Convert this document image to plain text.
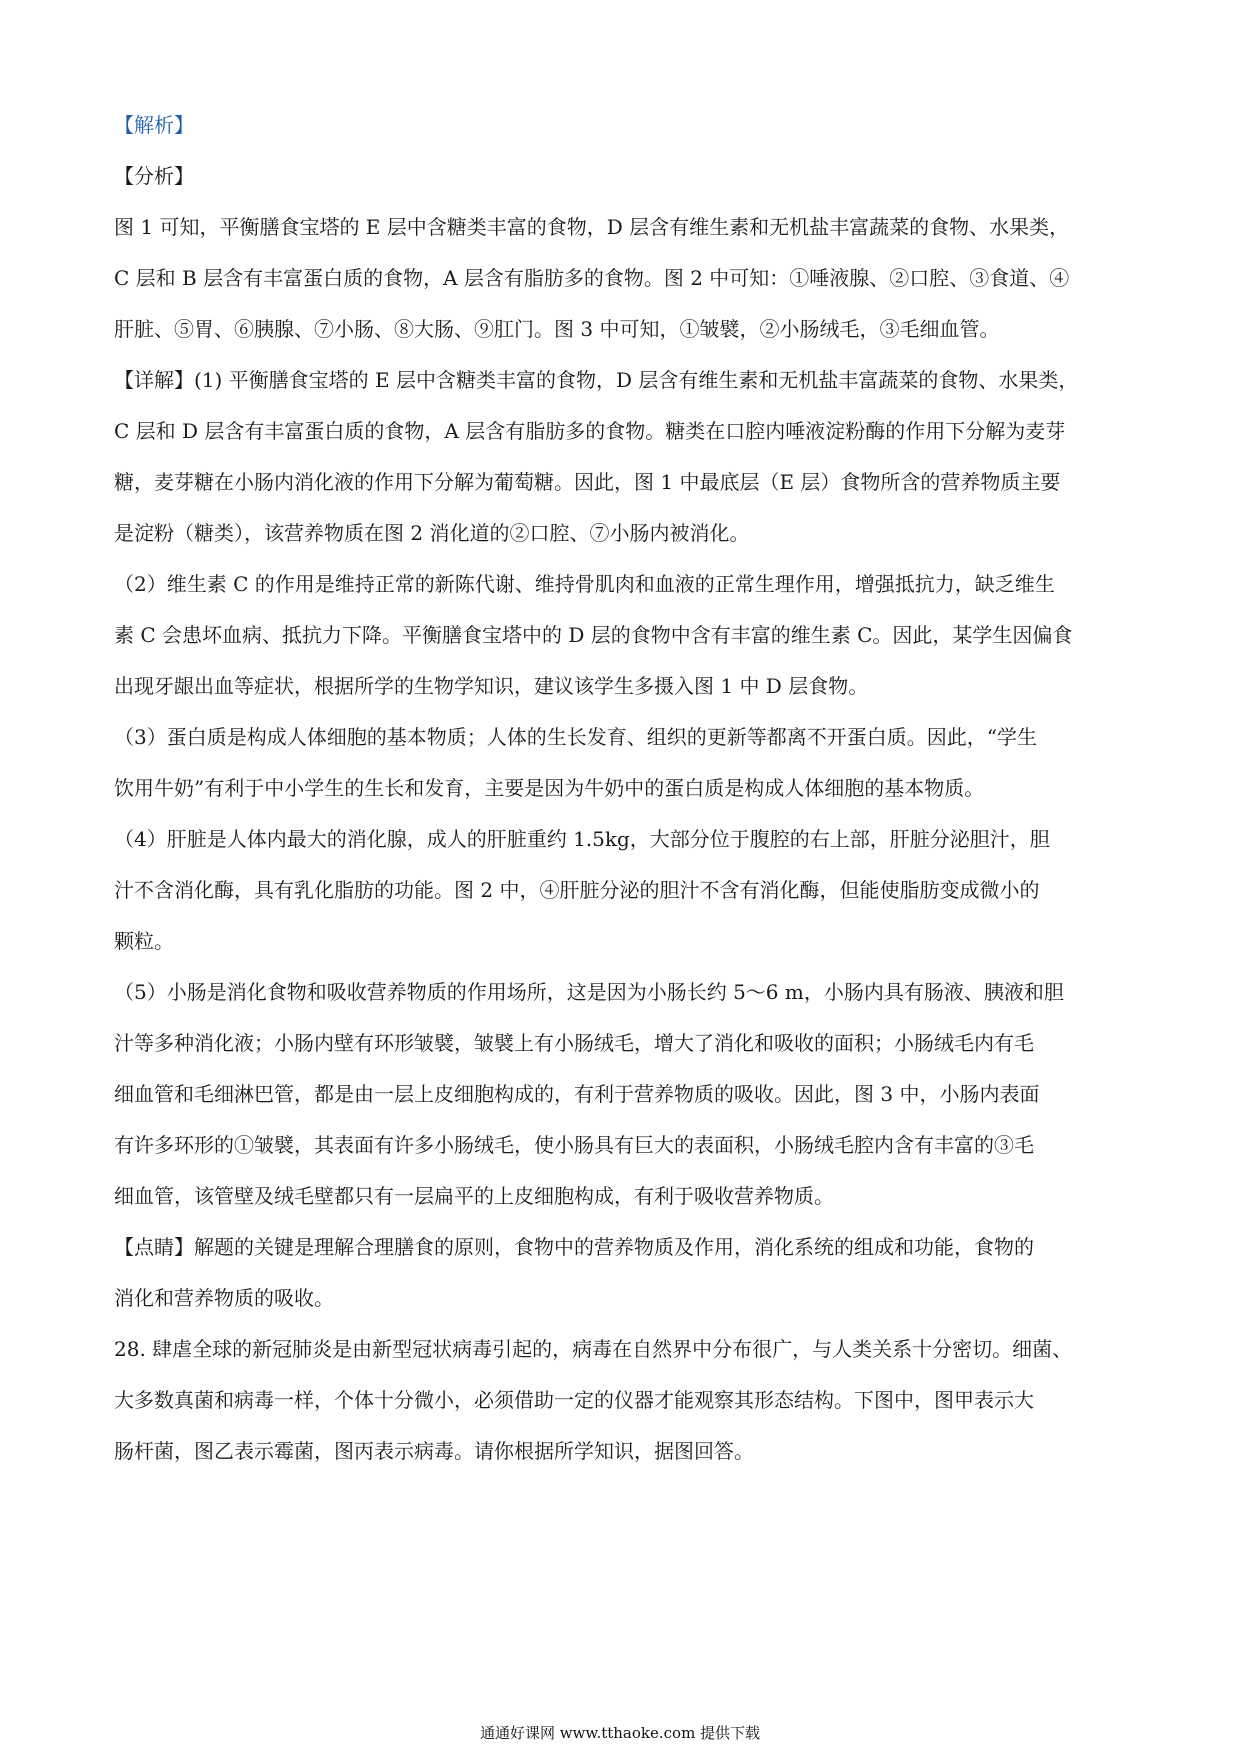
【解析】
【分析】
图 1 可知，平衡膳食宝塔的 E 层中含糖类丰富的食物，D 层含有维生素和无机盐丰富蔬菜的食物、水果类，
C 层和 B 层含有丰富蛋白质的食物，A 层含有脂肪多的食物。图 2 中可知：①唾液腺、②口腔、③食道、④
肝脏、⑤胃、⑥胰腺、⑦小肠、⑧大肠、⑨肛门。图 3 中可知，①皱襞，②小肠绒毛，③毛细血管。
【详解】(1) 平衡膳食宝塔的 E 层中含糖类丰富的食物，D 层含有维生素和无机盐丰富蔬菜的食物、水果类，
C 层和 D 层含有丰富蛋白质的食物，A 层含有脂肪多的食物。糖类在口腔内唾液淀粉酶的作用下分解为麦芽
糖，麦芽糖在小肠内消化液的作用下分解为葡萄糖。因此，图 1 中最底层（E 层）食物所含的营养物质主要
是淀粉（糖类），该营养物质在图 2 消化道的②口腔、⑦小肠内被消化。
（2）维生素 C 的作用是维持正常的新陈代谢、维持骨肌肉和血液的正常生理作用，增强抵抗力，缺乏维生
素 C 会患坏血病、抵抗力下降。平衡膳食宝塔中的 D 层的食物中含有丰富的维生素 C。因此，某学生因偏食
出现牙龈出血等症状，根据所学的生物学知识，建议该学生多摄入图 1 中 D 层食物。
（3）蛋白质是构成人体细胞的基本物质；人体的生长发育、组织的更新等都离不开蛋白质。因此，“学生
饮用牛奶”有利于中小学生的生长和发育，主要是因为牛奶中的蛋白质是构成人体细胞的基本物质。
（4）肝脏是人体内最大的消化腺，成人的肝脏重约 1.5kg，大部分位于腹腔的右上部，肝脏分泌胆汁，胆
汁不含消化酶，具有乳化脂肪的功能。图 2 中，④肝脏分泌的胆汁不含有消化酶，但能使脂肪变成微小的
颗粒。
（5）小肠是消化食物和吸收营养物质的作用场所，这是因为小肠长约 5～6 m，小肠内具有肠液、胰液和胆
汁等多种消化液；小肠内壁有环形皱襞，皱襞上有小肠绒毛，增大了消化和吸收的面积；小肠绒毛内有毛
细血管和毛细淋巴管，都是由一层上皮细胞构成的，有利于营养物质的吸收。因此，图 3 中，小肠内表面
有许多环形的①皱襞，其表面有许多小肠绒毛，使小肠具有巨大的表面积，小肠绒毛腔内含有丰富的③毛
细血管，该管壁及绒毛壁都只有一层扁平的上皮细胞构成，有利于吸收营养物质。
【点睛】解题的关键是理解合理膳食的原则，食物中的营养物质及作用，消化系统的组成和功能，食物的
消化和营养物质的吸收。
28. 肆虐全球的新冠肺炎是由新型冠状病毒引起的，病毒在自然界中分布很广，与人类关系十分密切。细菌、
大多数真菌和病毒一样，个体十分微小，必须借助一定的仪器才能观察其形态结构。下图中，图甲表示大
肠杆菌，图乙表示霉菌，图丙表示病毒。请你根据所学知识，据图回答。
通通好课网 www.tthaoke.com 提供下载
